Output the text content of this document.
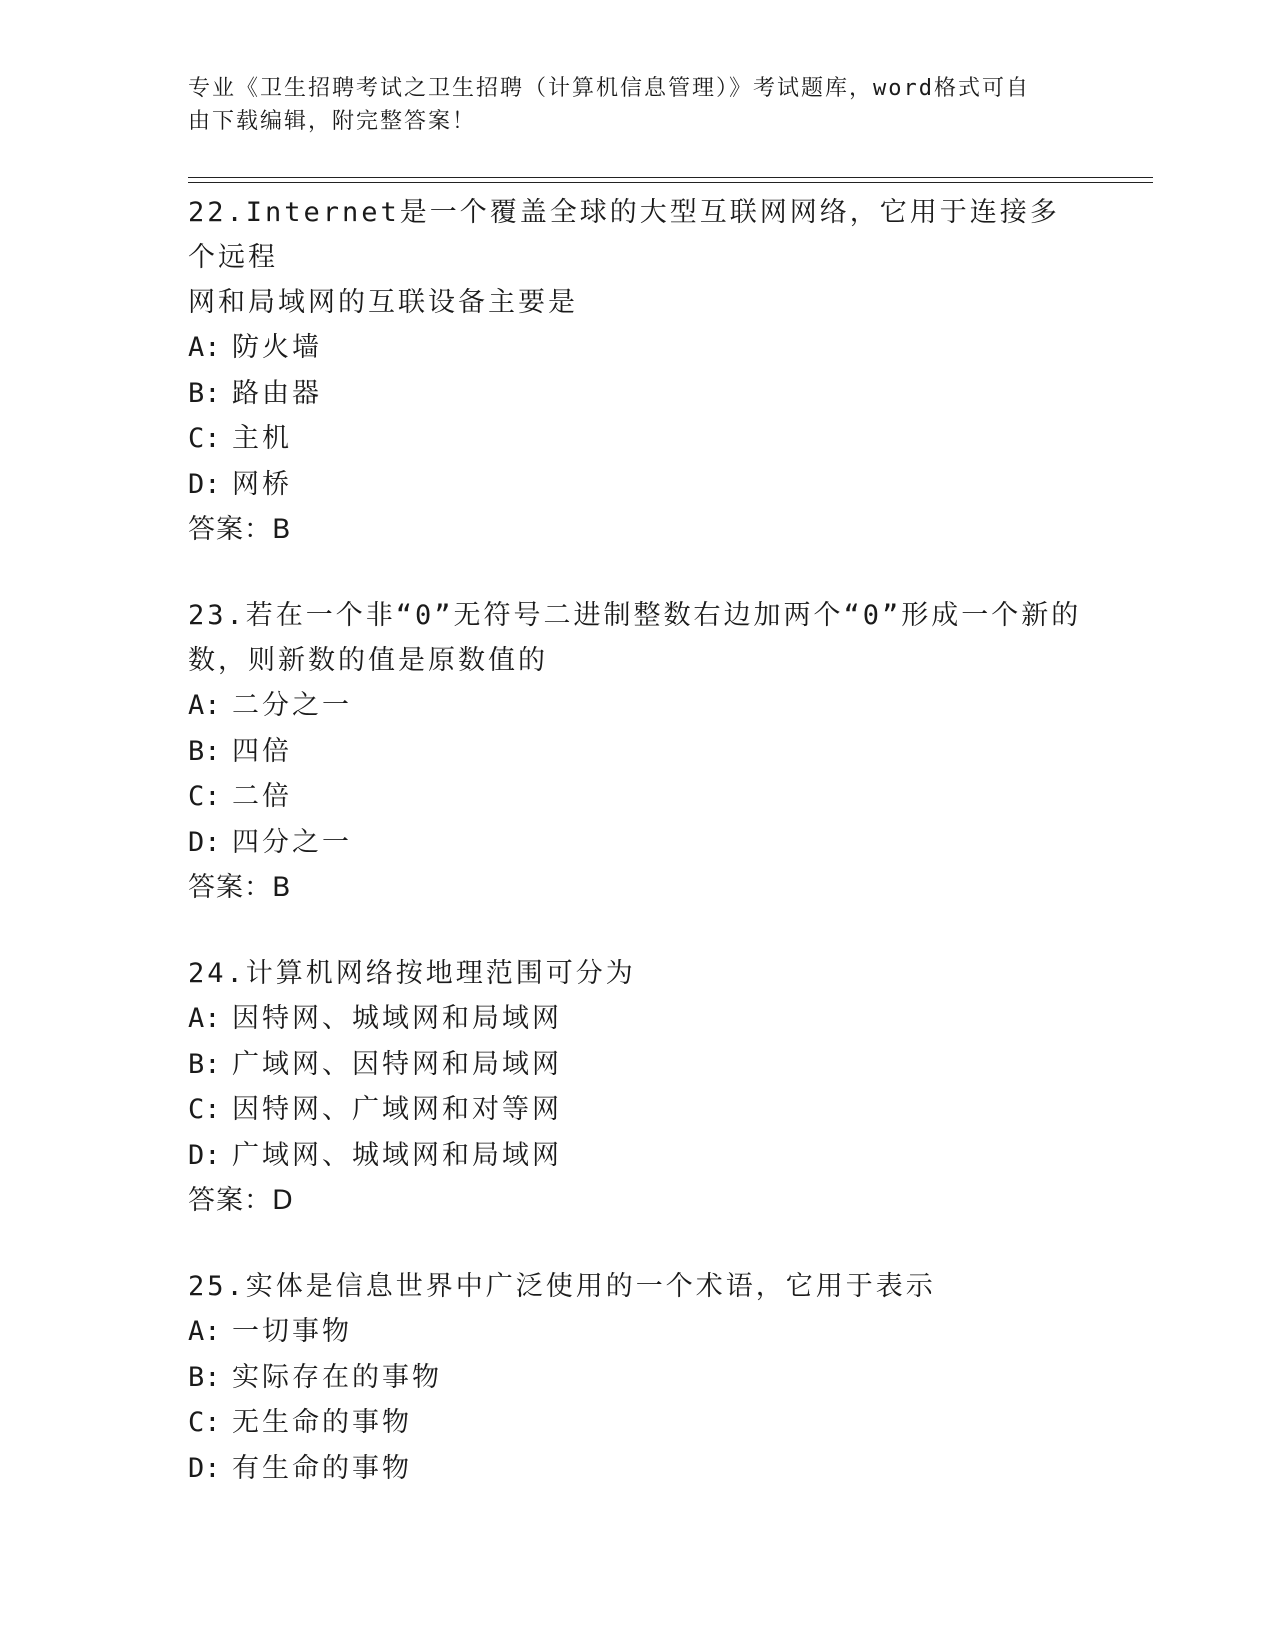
专业《卫生招聘考试之卫生招聘（计算机信息管理）》考试题库，word格式可自
由下载编辑，附完整答案！

22.Internet是一个覆盖全球的大型互联网网络，它用于连接多个远程

网和局域网的互联设备主要是

A: 防火墙

B: 路由器

C: 主机

D: 网桥

答案：B

23.若在一个非“0”无符号二进制整数右边加两个“0”形成一个新的

数，则新数的值是原数值的

A: 二分之一

B: 四倍

C: 二倍

D: 四分之一

答案：B

24.计算机网络按地理范围可分为

A: 因特网、城域网和局域网

B: 广域网、因特网和局域网

C: 因特网、广域网和对等网

D: 广域网、城域网和局域网

答案：D

25.实体是信息世界中广泛使用的一个术语，它用于表示

A: 一切事物

B: 实际存在的事物

C: 无生命的事物

D: 有生命的事物
